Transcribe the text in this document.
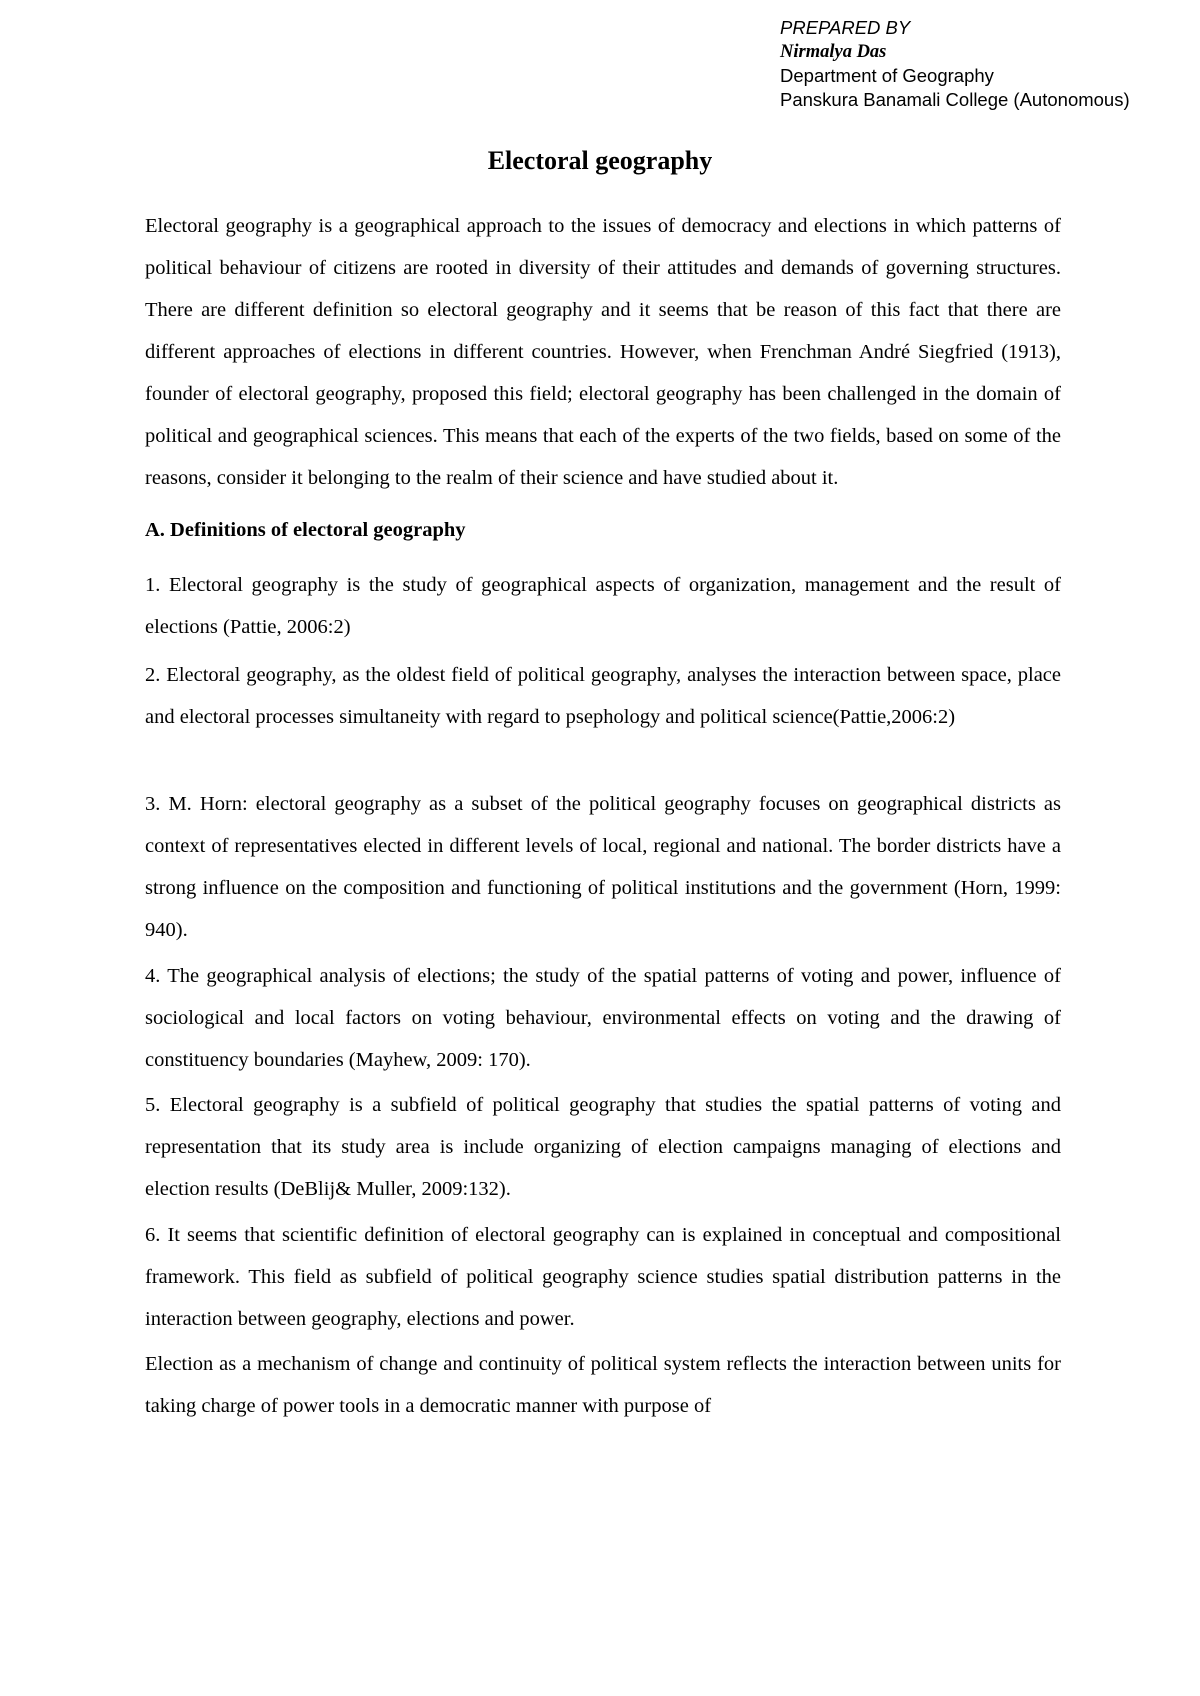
PREPARED BY
Nirmalya Das
Department of Geography
Panskura Banamali College (Autonomous)
Electoral geography

Electoral geography is a geographical approach to the issues of democracy and elections in which patterns of political behaviour of citizens are rooted in diversity of their attitudes and demands of governing structures. There are different definition so electoral geography and it seems that be reason of this fact that there are different approaches of elections in different countries. However, when Frenchman André Siegfried (1913), founder of electoral geography, proposed this field; electoral geography has been challenged in the domain of political and geographical sciences. This means that each of the experts of the two fields, based on some of the reasons, consider it belonging to the realm of their science and have studied about it.

A. Definitions of electoral geography

1. Electoral geography is the study of geographical aspects of organization, management and the result of elections (Pattie, 2006:2)

2. Electoral geography, as the oldest field of political geography, analyses the interaction between space, place and electoral processes simultaneity with regard to psephology and political science(Pattie,2006:2)

3. M. Horn: electoral geography as a subset of the political geography focuses on geographical districts as context of representatives elected in different levels of local, regional and national. The border districts have a strong influence on the composition and functioning of political institutions and the government (Horn, 1999: 940).

4. The geographical analysis of elections; the study of the spatial patterns of voting and power, influence of sociological and local factors on voting behaviour, environmental effects on voting and the drawing of constituency boundaries (Mayhew, 2009: 170).

5. Electoral geography is a subfield of political geography that studies the spatial patterns of voting and representation that its study area is include organizing of election campaigns managing of elections and election results (DeBlij& Muller, 2009:132).

6. It seems that scientific definition of electoral geography can is explained in conceptual and compositional framework. This field as subfield of political geography science studies spatial distribution patterns in the interaction between geography, elections and power.

Election as a mechanism of change and continuity of political system reflects the interaction between units for taking charge of power tools in a democratic manner with purpose of
